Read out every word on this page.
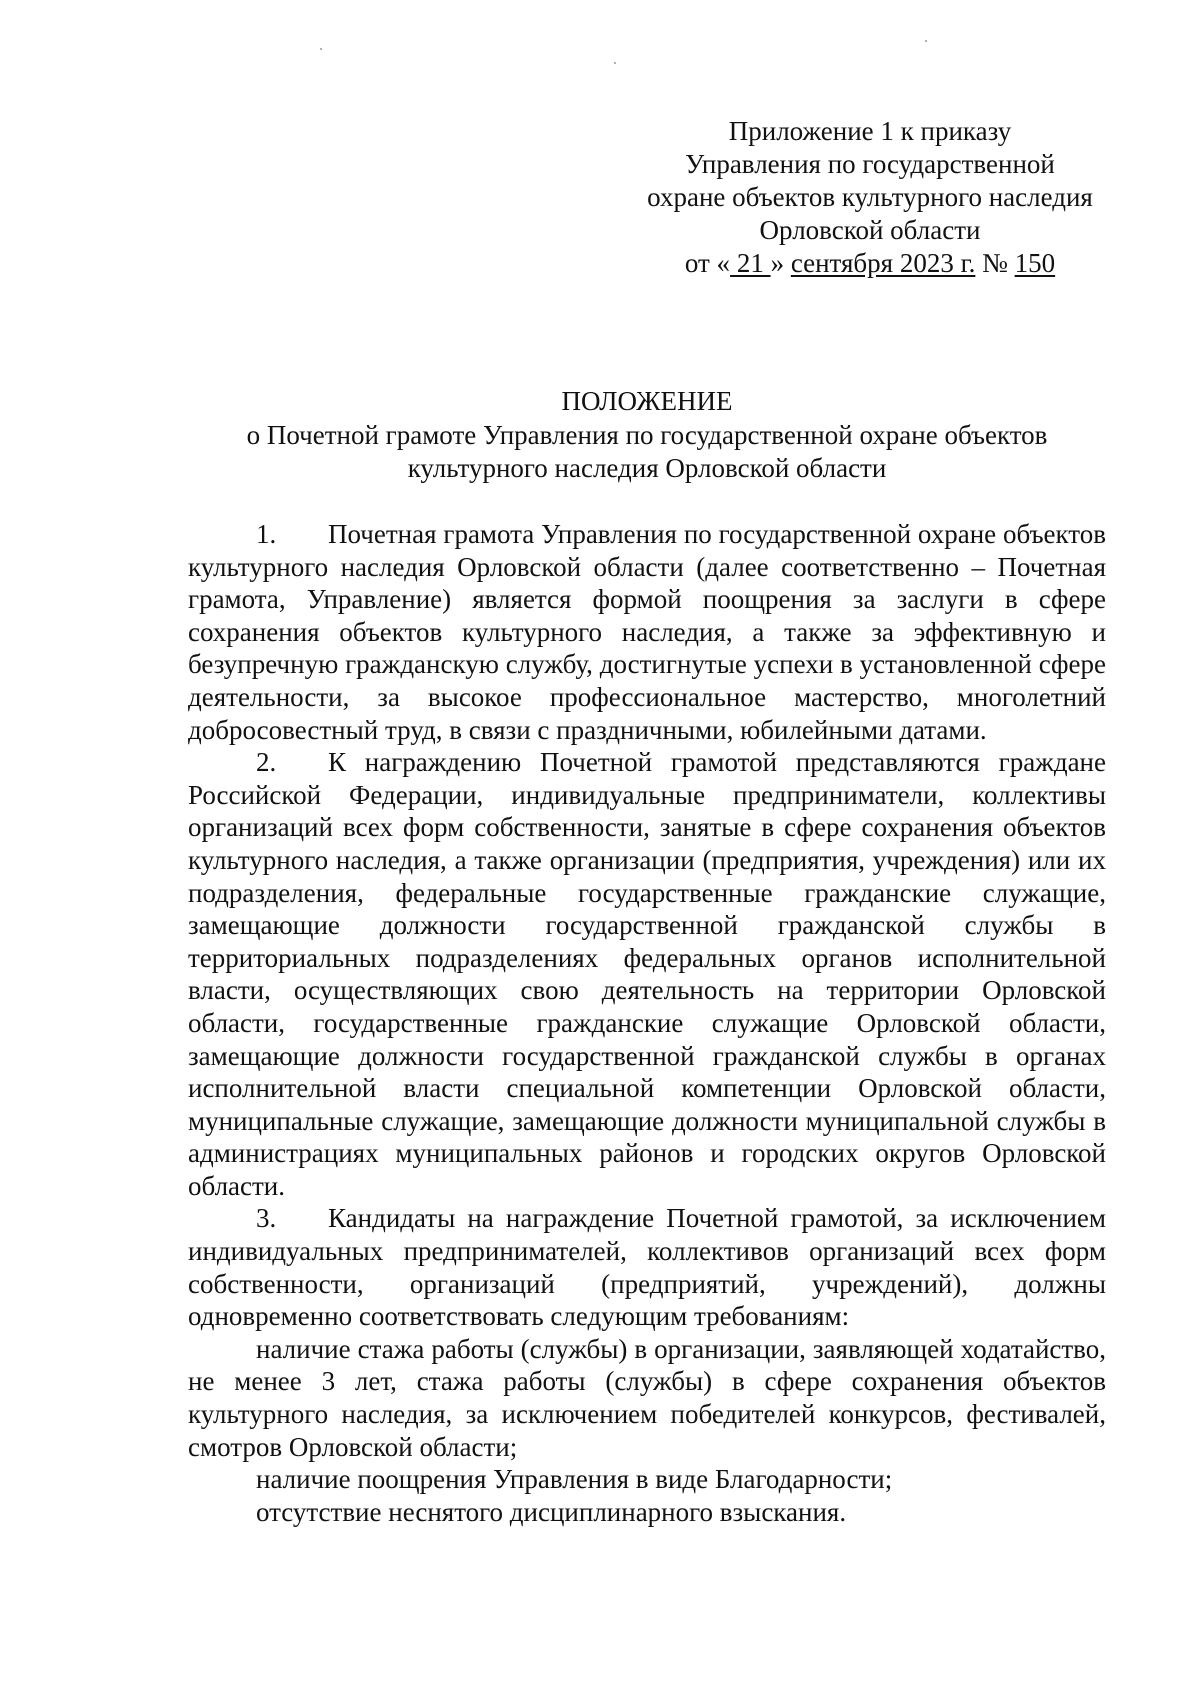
Приложение 1 к приказу
Управления по государственной
охране объектов культурного наследия
Орловской области
от « 21 » сентября 2023 г. № 150
ПОЛОЖЕНИЕ
о Почетной грамоте Управления по государственной охране объектов
культурного наследия Орловской области

1. Почетная грамота Управления по государственной охране объектов культурного наследия Орловской области (далее соответственно – Почетная грамота, Управление) является формой поощрения за заслуги в сфере сохранения объектов культурного наследия, а также за эффективную и безупречную гражданскую службу, достигнутые успехи в установленной сфере деятельности, за высокое профессиональное мастерство, многолетний добросовестный труд, в связи с праздничными, юбилейными датами.

2. К награждению Почетной грамотой представляются граждане Российской Федерации, индивидуальные предприниматели, коллективы организаций всех форм собственности, занятые в сфере сохранения объектов культурного наследия, а также организации (предприятия, учреждения) или их подразделения, федеральные государственные гражданские служащие, замещающие должности государственной гражданской службы в территориальных подразделениях федеральных органов исполнительной власти, осуществляющих свою деятельность на территории Орловской области, государственные гражданские служащие Орловской области, замещающие должности государственной гражданской службы в органах исполнительной власти специальной компетенции Орловской области, муниципальные служащие, замещающие должности муниципальной службы в администрациях муниципальных районов и городских округов Орловской области.

3. Кандидаты на награждение Почетной грамотой, за исключением индивидуальных предпринимателей, коллективов организаций всех форм собственности, организаций (предприятий, учреждений), должны одновременно соответствовать следующим требованиям:

наличие стажа работы (службы) в организации, заявляющей ходатайство, не менее 3 лет, стажа работы (службы) в сфере сохранения объектов культурного наследия, за исключением победителей конкурсов, фестивалей, смотров Орловской области;

наличие поощрения Управления в виде Благодарности;

отсутствие неснятого дисциплинарного взыскания.
